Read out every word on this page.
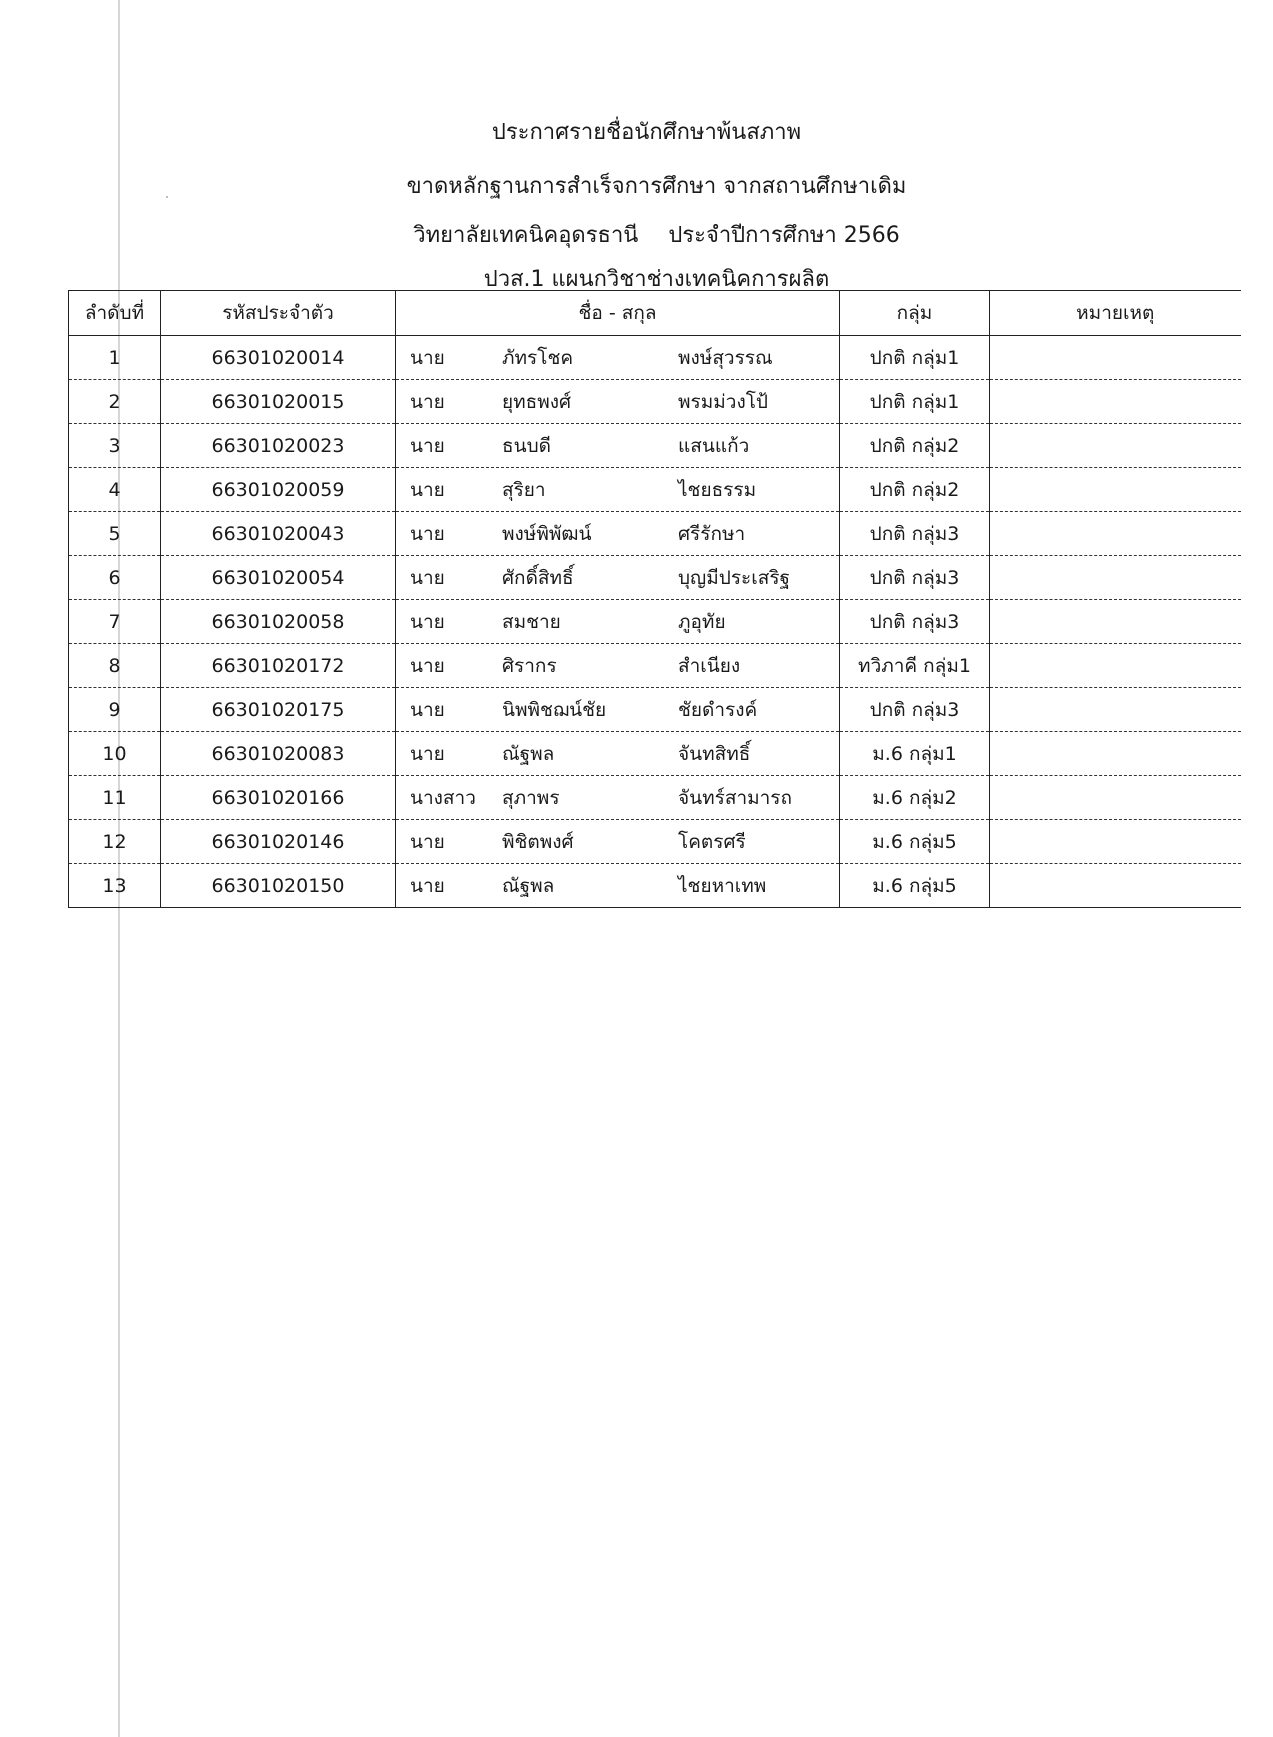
ประกาศรายชื่อนักศึกษาพ้นสภาพ
ขาดหลักฐานการสำเร็จการศึกษา จากสถานศึกษาเดิม
วิทยาลัยเทคนิคอุดรธานี ประจำปีการศึกษา 2566
ปวส.1 แผนกวิชาช่างเทคนิคการผลิต
ลำดับที่	รหัสประจำตัว	ชื่อ - สกุล	กลุ่ม	หมายเหตุ
1	66301020014	นาย ภัทรโชค พงษ์สุวรรณ	ปกติ กลุ่ม1	
2	66301020015	นาย ยุทธพงศ์ พรมม่วงโป้	ปกติ กลุ่ม1	
3	66301020023	นาย ธนบดี แสนแก้ว	ปกติ กลุ่ม2	
4	66301020059	นาย สุริยา ไชยธรรม	ปกติ กลุ่ม2	
5	66301020043	นาย พงษ์พิพัฒน์ ศรีรักษา	ปกติ กลุ่ม3	
6	66301020054	นาย ศักดิ์สิทธิ์ บุญมีประเสริฐ	ปกติ กลุ่ม3	
7	66301020058	นาย สมชาย ภูอุทัย	ปกติ กลุ่ม3	
8	66301020172	นาย ศิรากร สำเนียง	ทวิภาคี กลุ่ม1	
9	66301020175	นาย นิพพิชฌน์ชัย ชัยดำรงค์	ปกติ กลุ่ม3	
10	66301020083	นาย ณัฐพล จันทสิทธิ์	ม.6 กลุ่ม1	
11	66301020166	นางสาว สุภาพร จันทร์สามารถ	ม.6 กลุ่ม2	
12	66301020146	นาย พิชิตพงศ์ โคตรศรี	ม.6 กลุ่ม5	
13	66301020150	นาย ณัฐพล ไชยหาเทพ	ม.6 กลุ่ม5	
